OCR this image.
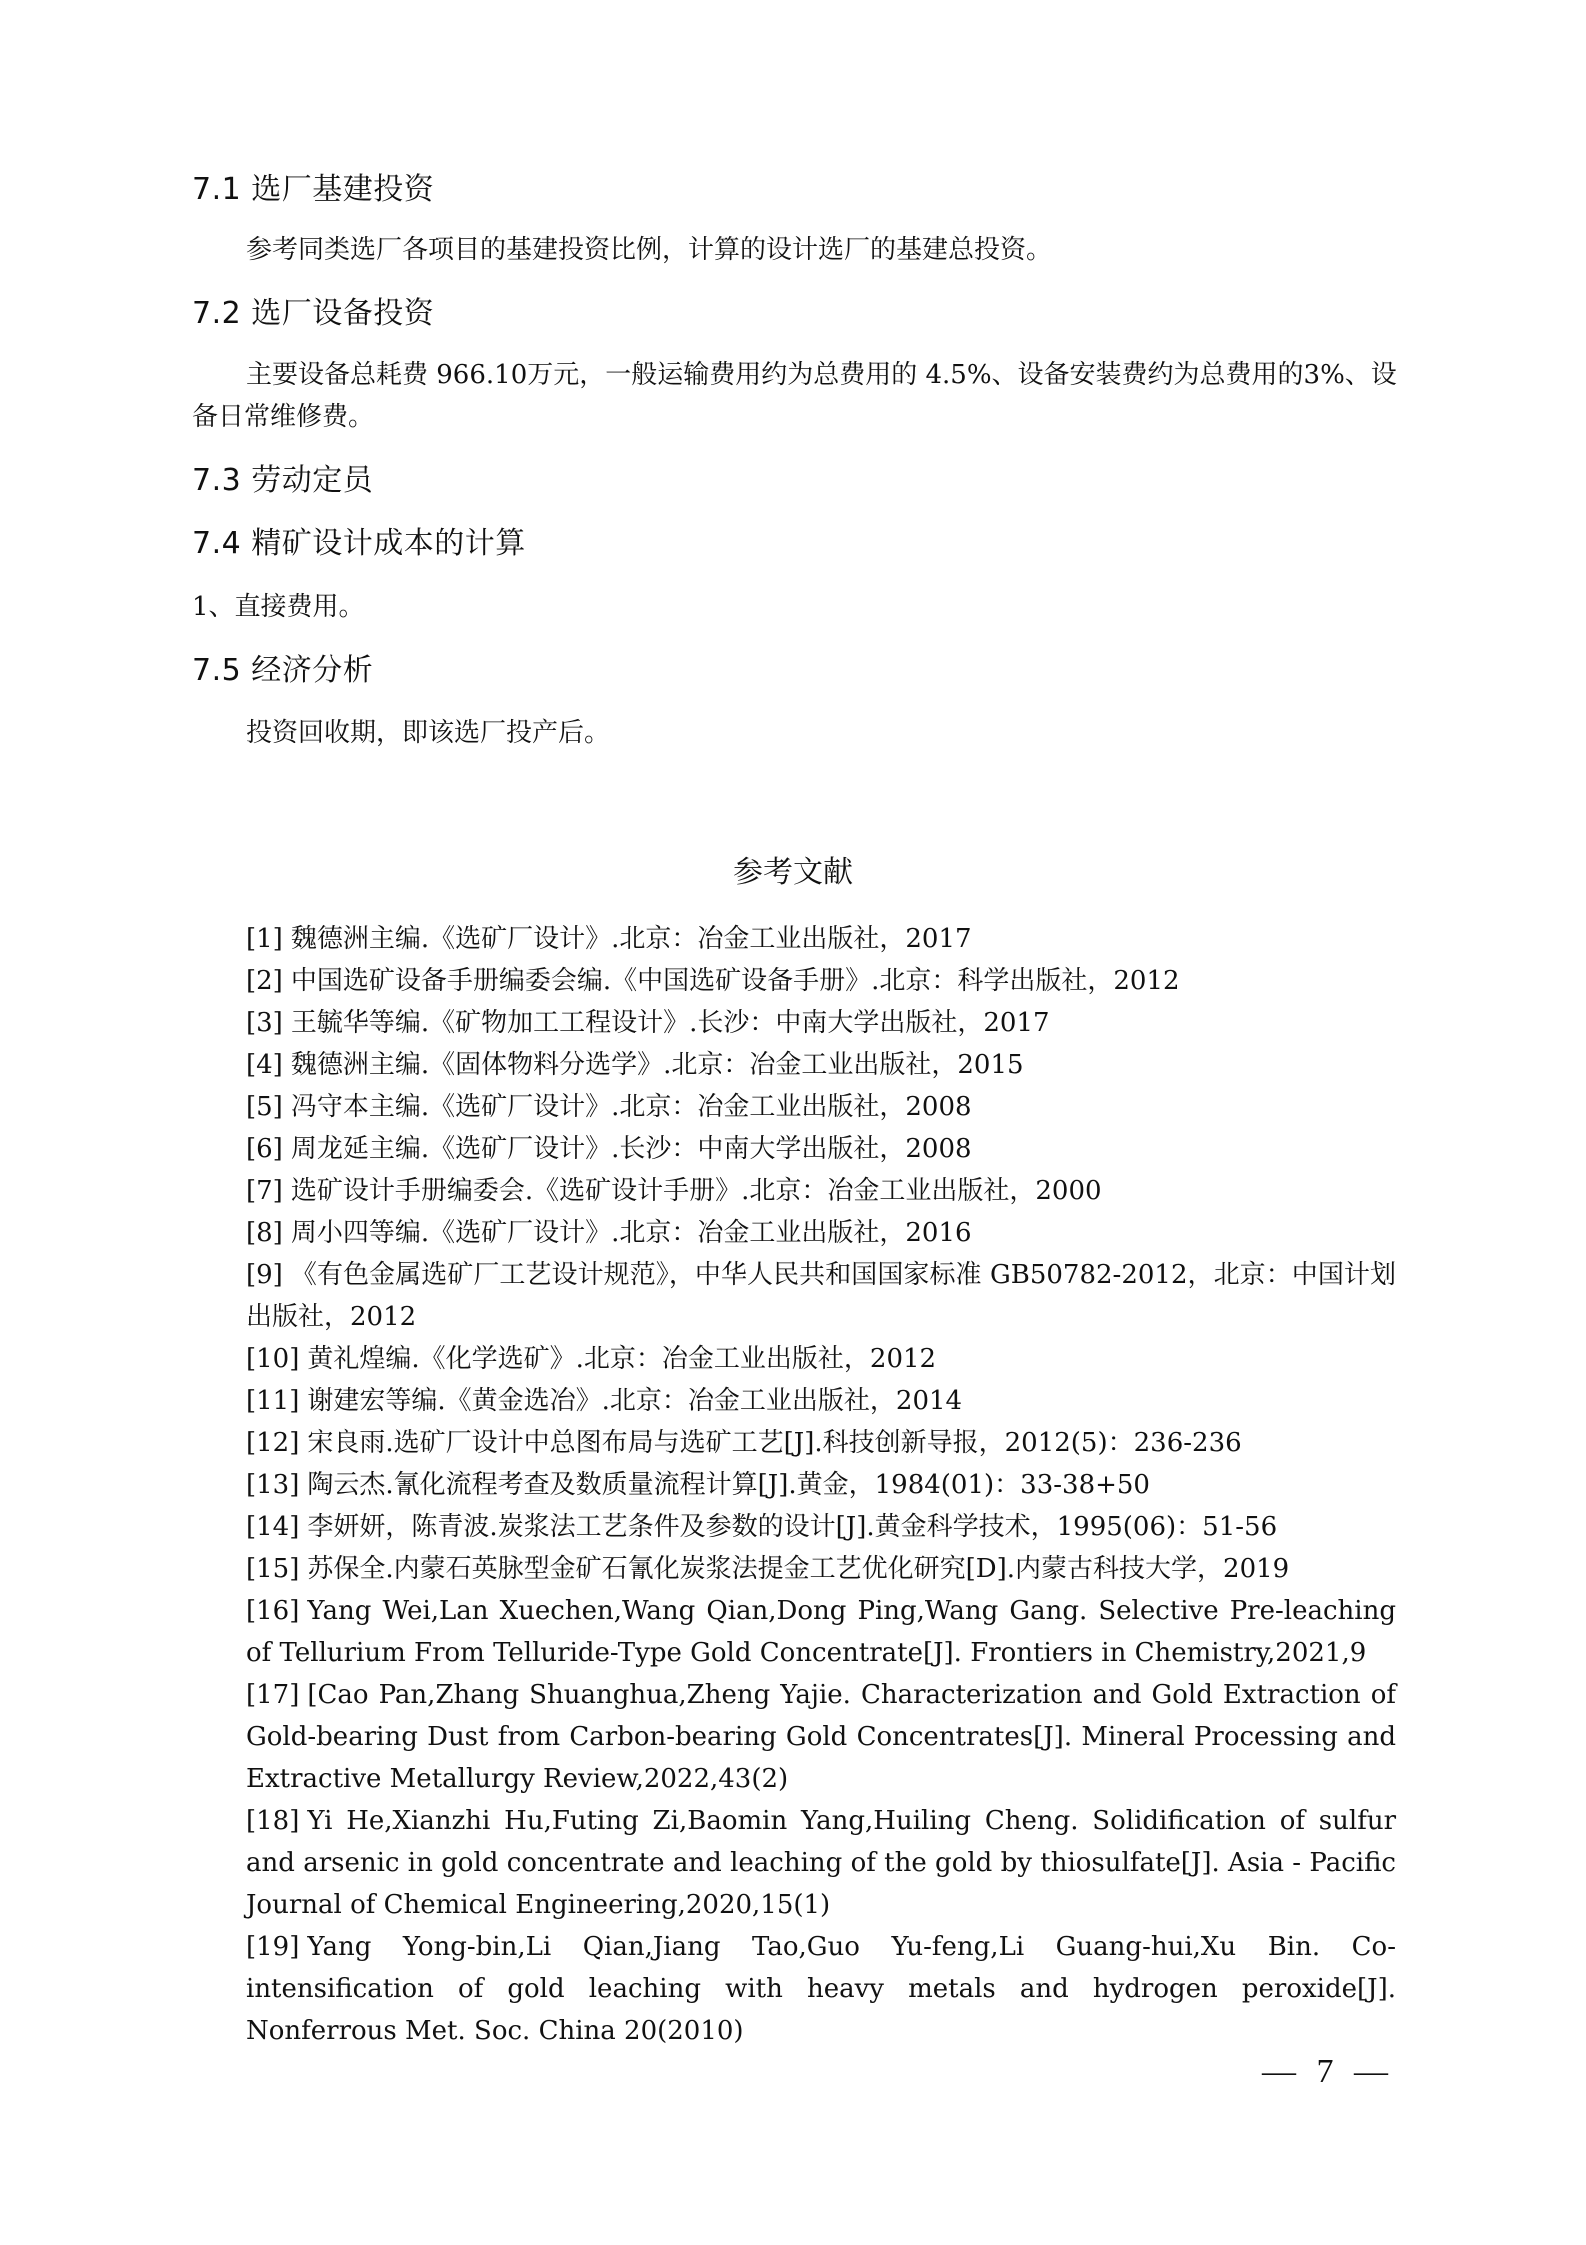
7.1 选厂基建投资
参考同类选厂各项目的基建投资比例，计算的设计选厂的基建总投资。
7.2 选厂设备投资
主要设备总耗费 966.10万元，一般运输费用约为总费用的 4.5%、设备安装费约为总费用的3%、设备日常维修费。
7.3 劳动定员
7.4 精矿设计成本的计算
1、直接费用。
7.5 经济分析
投资回收期，即该选厂投产后。
参考文献
[1] 魏德洲主编.《选矿厂设计》.北京：冶金工业出版社，2017
[2] 中国选矿设备手册编委会编.《中国选矿设备手册》.北京：科学出版社，2012
[3] 王毓华等编.《矿物加工工程设计》.长沙：中南大学出版社，2017
[4] 魏德洲主编.《固体物料分选学》.北京：冶金工业出版社，2015
[5] 冯守本主编.《选矿厂设计》.北京：冶金工业出版社，2008
[6] 周龙延主编.《选矿厂设计》.长沙：中南大学出版社，2008
[7] 选矿设计手册编委会.《选矿设计手册》.北京：冶金工业出版社，2000
[8] 周小四等编.《选矿厂设计》.北京：冶金工业出版社，2016
[9] 《有色金属选矿厂工艺设计规范》，中华人民共和国国家标准 GB50782-2012，北京：中国计划出版社，2012
[10] 黄礼煌编.《化学选矿》.北京：冶金工业出版社，2012
[11] 谢建宏等编.《黄金选冶》.北京：冶金工业出版社，2014
[12] 宋良雨.选矿厂设计中总图布局与选矿工艺[J].科技创新导报，2012(5)：236-236
[13] 陶云杰.氰化流程考查及数质量流程计算[J].黄金，1984(01)：33-38+50
[14] 李妍妍，陈青波.炭浆法工艺条件及参数的设计[J].黄金科学技术，1995(06)：51-56
[15] 苏保全.内蒙石英脉型金矿石氰化炭浆法提金工艺优化研究[D].内蒙古科技大学，2019
[16] Yang Wei,Lan Xuechen,Wang Qian,Dong Ping,Wang Gang. Selective Pre-leaching of Tellurium From Telluride-Type Gold Concentrate[J]. Frontiers in Chemistry,2021,9
[17] [Cao Pan,Zhang Shuanghua,Zheng Yajie. Characterization and Gold Extraction of Gold-bearing Dust from Carbon-bearing Gold Concentrates[J]. Mineral Processing and Extractive Metallurgy Review,2022,43(2)
[18] Yi He,Xianzhi Hu,Futing Zi,Baomin Yang,Huiling Cheng. Solidification of sulfur and arsenic in gold concentrate and leaching of the gold by thiosulfate[J]. Asia - Pacific Journal of Chemical Engineering,2020,15(1)
[19] Yang Yong-bin,Li Qian,Jiang Tao,Guo Yu-feng,Li Guang-hui,Xu Bin. Co-intensification of gold leaching with heavy metals and hydrogen peroxide[J]. Nonferrous Met. Soc. China 20(2010)
— 7 —
